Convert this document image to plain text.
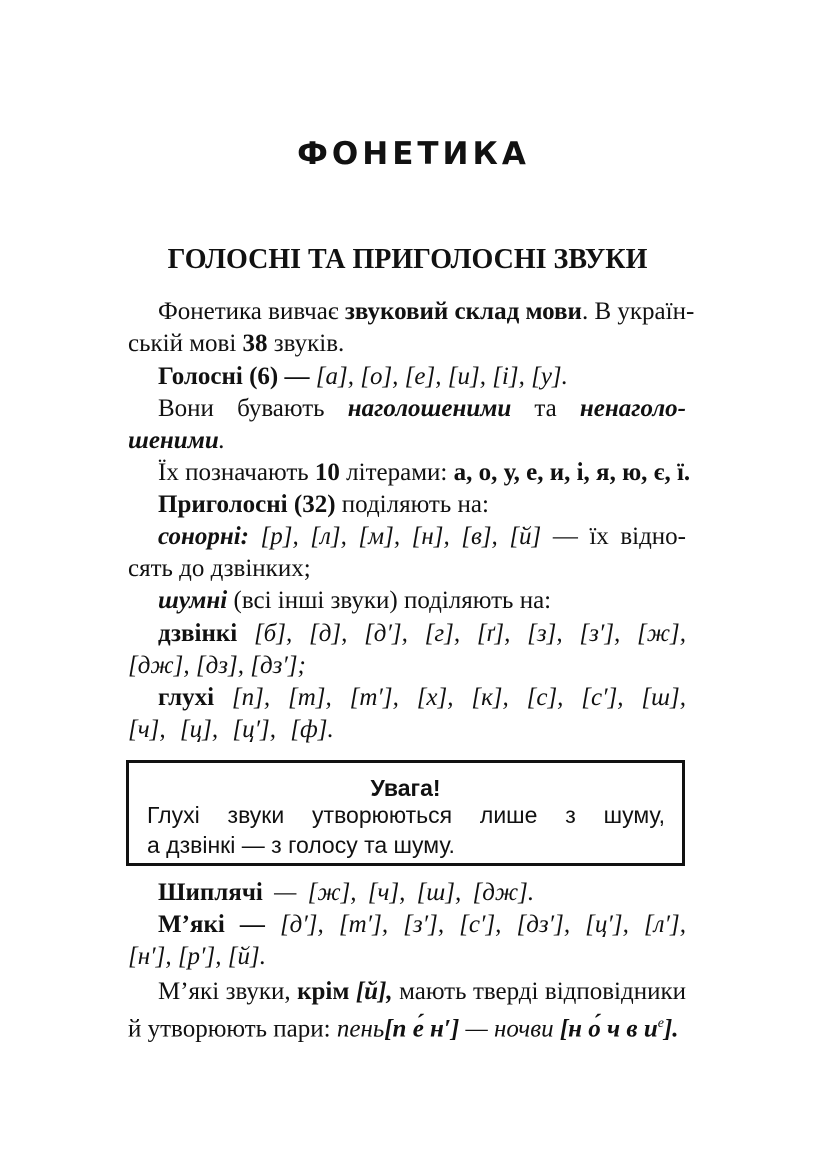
ФОНЕТИКА
ГОЛОСНІ ТА ПРИГОЛОСНІ ЗВУКИ
Фонетика вивчає звуковий склад мови. В україн-
ській мові 38 звуків.
Голосні (6) — [а], [о], [е], [и], [і], [у].
Вони бувають наголошеними та ненаголо-
шеними.
Їх позначають 10 літерами: а, о, у, е, и, і, я, ю, є, ї.
Приголосні (32) поділяють на:
сонорні: [р], [л], [м], [н], [в], [й] — їх відно-
сять до дзвінких;
шумні (всі інші звуки) поділяють на:
дзвінкі [б], [д], [д′], [г], [ґ], [з], [з′], [ж],
[дж], [дз], [дз′];
глухі [п], [т], [т′], [х], [к], [с], [с′], [ш],
[ч], [ц], [ц′], [ф].
Увага!
Глухі звуки утворюються лише з шуму,
а дзвінкі — з голосу та шуму.
Шиплячі — [ж], [ч], [ш], [дж].
М’які — [д′], [т′], [з′], [с′], [дз′], [ц′], [л′],
[н′], [р′], [й].
М’які звуки, крім [й], мають тверді відповідники
й утворюють пари: пень[п е́ н′] — ночви [н о́ ч в $и^е$].
